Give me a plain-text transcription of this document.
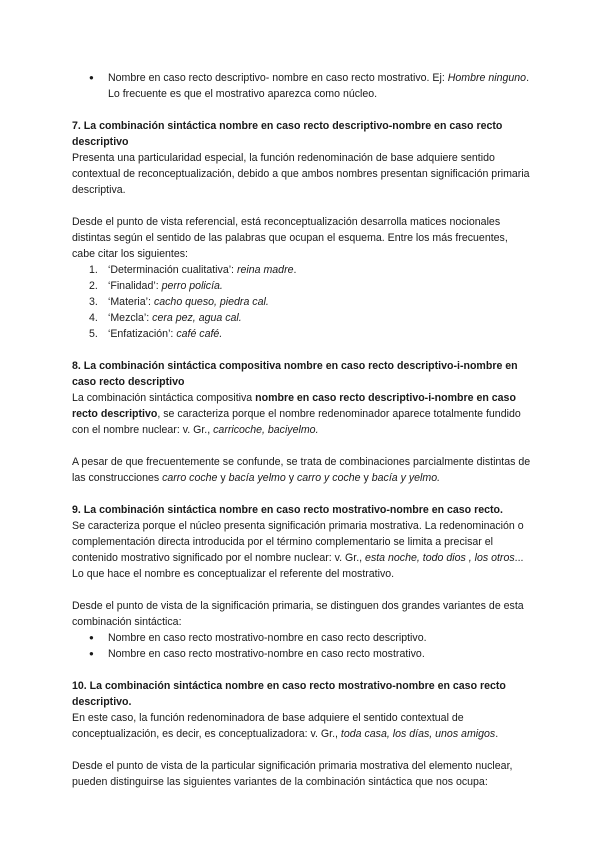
● Nombre en caso recto descriptivo- nombre en caso recto mostrativo. Ej: Hombre ninguno. Lo frecuente es que el mostrativo aparezca como núcleo.
7. La combinación sintáctica nombre en caso recto descriptivo-nombre en caso recto descriptivo

Presenta una particularidad especial, la función redenominación de base adquiere sentido contextual de reconceptualización, debido a que ambos nombres presentan significación primaria descriptiva.

Desde el punto de vista referencial, está reconceptualización desarrolla matices nocionales distintas según el sentido de las palabras que ocupan el esquema. Entre los más frecuentes, cabe citar los siguientes:

1. ‘Determinación cualitativa’: reina madre.
2. ‘Finalidad’: perro policía.
3. ‘Materia’: cacho queso, piedra cal.
4. ‘Mezcla’: cera pez, agua cal.
5. ‘Enfatización’: café café.
8. La combinación sintáctica compositiva nombre en caso recto descriptivo-i-nombre en caso recto descriptivo

La combinación sintáctica compositiva nombre en caso recto descriptivo-i-nombre en caso recto descriptivo, se caracteriza porque el nombre redenominador aparece totalmente fundido con el nombre nuclear: v. Gr., carricoche, baciyelmo.

A pesar de que frecuentemente se confunde, se trata de combinaciones parcialmente distintas de las construcciones carro coche y bacía yelmo y carro y coche y bacía y yelmo.

9. La combinación sintáctica nombre en caso recto mostrativo-nombre en caso recto.

Se caracteriza porque el núcleo presenta significación primaria mostrativa. La redenominación o complementación directa introducida por el término complementario se limita a precisar el contenido mostrativo significado por el nombre nuclear: v. Gr., esta noche, todo dios , los otros... Lo que hace el nombre es conceptualizar el referente del mostrativo.

Desde el punto de vista de la significación primaria, se distinguen dos grandes variantes de esta combinación sintáctica:

● Nombre en caso recto mostrativo-nombre en caso recto descriptivo.
● Nombre en caso recto mostrativo-nombre en caso recto mostrativo.
10. La combinación sintáctica nombre en caso recto mostrativo-nombre en caso recto descriptivo.

En este caso, la función redenominadora de base adquiere el sentido contextual de conceptualización, es decir, es conceptualizadora: v. Gr., toda casa, los días, unos amigos.

Desde el punto de vista de la particular significación primaria mostrativa del elemento nuclear, pueden distinguirse las siguientes variantes de la combinación sintáctica que nos ocupa:
